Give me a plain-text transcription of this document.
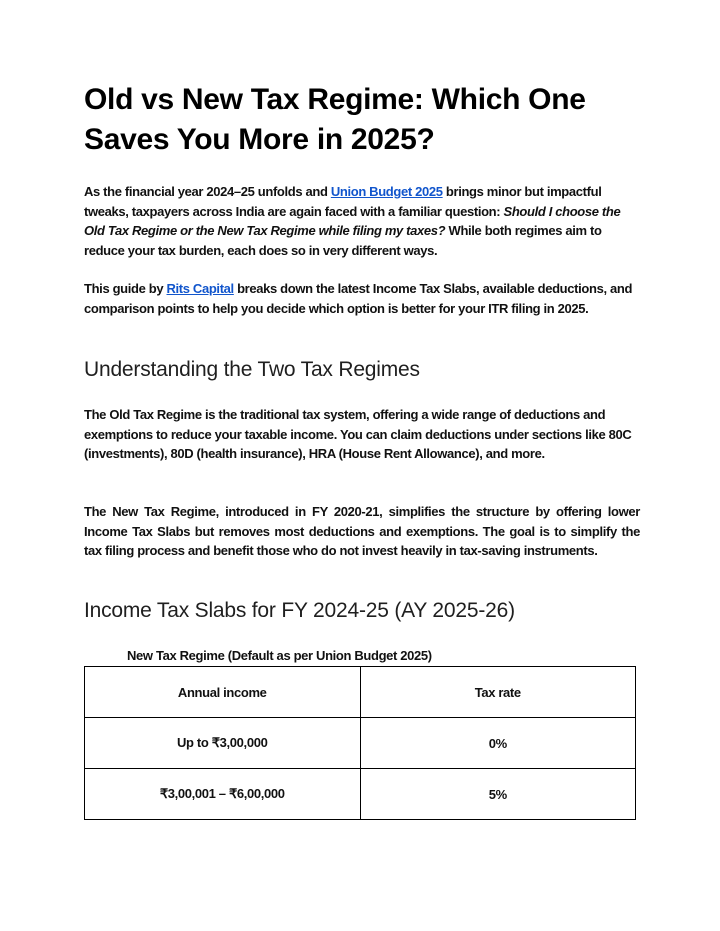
Old vs New Tax Regime: Which One Saves You More in 2025?

As the financial year 2024–25 unfolds and Union Budget 2025 brings minor but impactful tweaks, taxpayers across India are again faced with a familiar question: Should I choose the Old Tax Regime or the New Tax Regime while filing my taxes? While both regimes aim to reduce your tax burden, each does so in very different ways.

This guide by Rits Capital breaks down the latest Income Tax Slabs, available deductions, and comparison points to help you decide which option is better for your ITR filing in 2025.

Understanding the Two Tax Regimes

The Old Tax Regime is the traditional tax system, offering a wide range of deductions and exemptions to reduce your taxable income. You can claim deductions under sections like 80C (investments), 80D (health insurance), HRA (House Rent Allowance), and more.

The New Tax Regime, introduced in FY 2020-21, simplifies the structure by offering lower Income Tax Slabs but removes most deductions and exemptions. The goal is to simplify the tax filing process and benefit those who do not invest heavily in tax-saving instruments.

Income Tax Slabs for FY 2024-25 (AY 2025-26)

New Tax Regime (Default as per Union Budget 2025)

Annual income	Tax rate
Up to ₹3,00,000	0%
₹3,00,001 – ₹6,00,000	5%
